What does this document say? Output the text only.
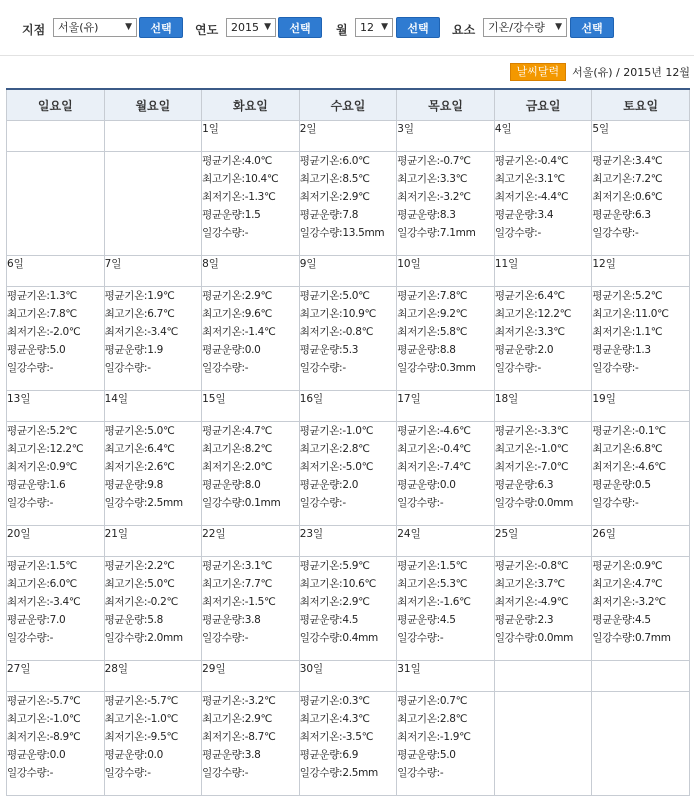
지점	서울(유)	▼	선택	연도	2015 ▼	선택	월	12 ▼	선택	요소	기온/강수량 ▼	선택
날씨달력	서울(유) / 2015년 12월
일요일	월요일	화요일	수요일	목요일	금요일	토요일
		1일	2일	3일	4일	5일

		평균기온:4.0℃
최고기온:10.4℃
최저기온:-1.3℃
평균운량:1.5
일강수량:-	평균기온:6.0℃
최고기온:8.5℃
최저기온:2.9℃
평균운량:7.8
일강수량:13.5mm	평균기온:-0.7℃
최고기온:3.3℃
최저기온:-3.2℃
평균운량:8.3
일강수량:7.1mm	평균기온:-0.4℃
최고기온:3.1℃
최저기온:-4.4℃
평균운량:3.4
일강수량:-	평균기온:3.4℃
최고기온:7.2℃
최저기온:0.6℃
평균운량:6.3
일강수량:-

6일	7일	8일	9일	10일	11일	12일

평균기온:1.3℃
최고기온:7.8℃
최저기온:-2.0℃
평균운량:5.0
일강수량:-	평균기온:1.9℃
최고기온:6.7℃
최저기온:-3.4℃
평균운량:1.9
일강수량:-	평균기온:2.9℃
최고기온:9.6℃
최저기온:-1.4℃
평균운량:0.0
일강수량:-	평균기온:5.0℃
최고기온:10.9℃
최저기온:-0.8℃
평균운량:5.3
일강수량:-	평균기온:7.8℃
최고기온:9.2℃
최저기온:5.8℃
평균운량:8.8
일강수량:0.3mm	평균기온:6.4℃
최고기온:12.2℃
최저기온:3.3℃
평균운량:2.0
일강수량:-	평균기온:5.2℃
최고기온:11.0℃
최저기온:1.1℃
평균운량:1.3
일강수량:-

13일	14일	15일	16일	17일	18일	19일

평균기온:5.2℃
최고기온:12.2℃
최저기온:0.9℃
평균운량:1.6
일강수량:-	평균기온:5.0℃
최고기온:6.4℃
최저기온:2.6℃
평균운량:9.8
일강수량:2.5mm	평균기온:4.7℃
최고기온:8.2℃
최저기온:2.0℃
평균운량:8.0
일강수량:0.1mm	평균기온:-1.0℃
최고기온:2.8℃
최저기온:-5.0℃
평균운량:2.0
일강수량:-	평균기온:-4.6℃
최고기온:-0.4℃
최저기온:-7.4℃
평균운량:0.0
일강수량:-	평균기온:-3.3℃
최고기온:-1.0℃
최저기온:-7.0℃
평균운량:6.3
일강수량:0.0mm	평균기온:-0.1℃
최고기온:6.8℃
최저기온:-4.6℃
평균운량:0.5
일강수량:-

20일	21일	22일	23일	24일	25일	26일

평균기온:1.5℃
최고기온:6.0℃
최저기온:-3.4℃
평균운량:7.0
일강수량:-	평균기온:2.2℃
최고기온:5.0℃
최저기온:-0.2℃
평균운량:5.8
일강수량:2.0mm	평균기온:3.1℃
최고기온:7.7℃
최저기온:-1.5℃
평균운량:3.8
일강수량:-	평균기온:5.9℃
최고기온:10.6℃
최저기온:2.9℃
평균운량:4.5
일강수량:0.4mm	평균기온:1.5℃
최고기온:5.3℃
최저기온:-1.6℃
평균운량:4.5
일강수량:-	평균기온:-0.8℃
최고기온:3.7℃
최저기온:-4.9℃
평균운량:2.3
일강수량:0.0mm	평균기온:0.9℃
최고기온:4.7℃
최저기온:-3.2℃
평균운량:4.5
일강수량:0.7mm

27일	28일	29일	30일	31일		

평균기온:-5.7℃
최고기온:-1.0℃
최저기온:-8.9℃
평균운량:0.0
일강수량:-	평균기온:-5.7℃
최고기온:-1.0℃
최저기온:-9.5℃
평균운량:0.0
일강수량:-	평균기온:-3.2℃
최고기온:2.9℃
최저기온:-8.7℃
평균운량:3.8
일강수량:-	평균기온:0.3℃
최고기온:4.3℃
최저기온:-3.5℃
평균운량:6.9
일강수량:2.5mm	평균기온:0.7℃
최고기온:2.8℃
최저기온:-1.9℃
평균운량:5.0
일강수량:-		
